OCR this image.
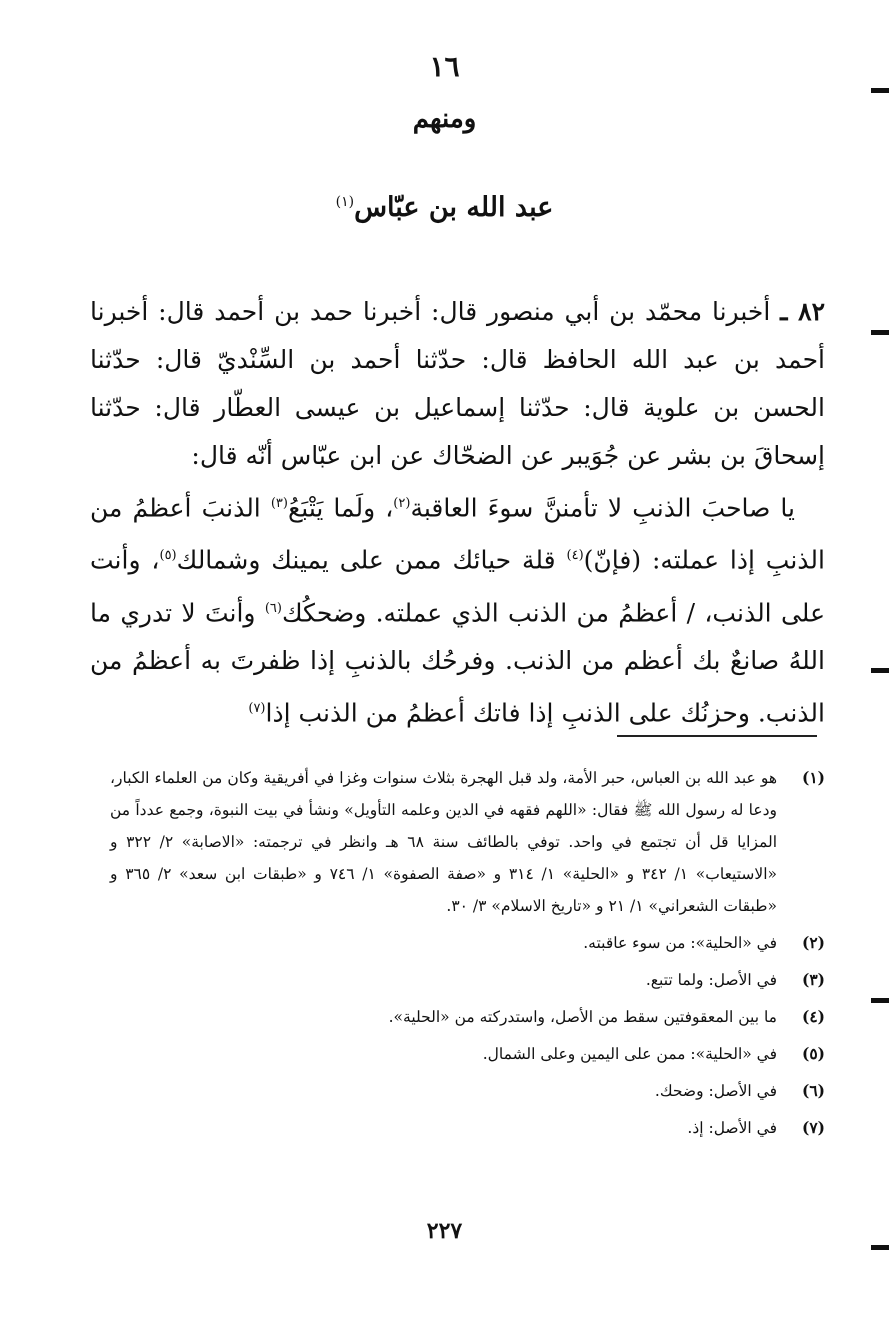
١٦
ومنهم
عبد الله بن عبّاس$^{(١)}$

٨٢ ـ أخبرنا محمّد بن أبي منصور قال: أخبرنا حمد بن أحمد قال: أخبرنا أحمد بن عبد الله الحافظ قال: حدّثنا أحمد بن السِّنْديّ قال: حدّثنا الحسن بن علوية قال: حدّثنا إسماعيل بن عيسى العطّار قال: حدّثنا إسحاقَ بن بشر عن جُوَيبر عن الضحّاك عن ابن عبّاس أنّه قال:

يا صاحبَ الذنبِ لا تأمننَّ سوءَ العاقبة$^{(٢)}$، ولَما يَتْبَعُ$^{(٣)}$ الذنبَ أعظمُ من الذنبِ إذا عملته: (فإنّ)$^{(٤)}$ قلة حيائك ممن على يمينك وشمالك$^{(٥)}$، وأنت على الذنب، / أعظمُ من الذنب الذي عملته. وضحكُك$^{(٦)}$ وأنتَ لا تدري ما اللهُ صانعٌ بك أعظم من الذنب. وفرحُك بالذنبِ إذا ظفرتَ به أعظمُ من الذنب. وحزنُك على الذنبِ إذا فاتك أعظمُ من الذنب إذا$^{(٧)}$

(١)
هو عبد الله بن العباس، حبر الأمة، ولد قبل الهجرة بثلاث سنوات وغزا في أفريقية وكان من العلماء الكبار، ودعا له رسول الله ﷺ فقال: «اللهم فقهه في الدين وعلمه التأويل» ونشأ في بيت النبوة، وجمع عدداً من المزايا قل أن تجتمع في واحد. توفي بالطائف سنة ٦٨ هـ وانظر في ترجمته: «الاصابة» ٢/ ٣٢٢ و «الاستيعاب» ١/ ٣٤٢ و «الحلية» ١/ ٣١٤ و «صفة الصفوة» ١/ ٧٤٦ و «طبقات ابن سعد» ٢/ ٣٦٥ و «طبقات الشعراني» ١/ ٢١ و «تاريخ الاسلام» ٣/ ٣٠.
(٢)
في «الحلية»: من سوء عاقبته.
(٣)
في الأصل: ولما تتبع.
(٤)
ما بين المعقوفتين سقط من الأصل، واستدركته من «الحلية».
(٥)
في «الحلية»: ممن على اليمين وعلى الشمال.
(٦)
في الأصل: وضحك.
(٧)
في الأصل: إذ.
٢٢٧
